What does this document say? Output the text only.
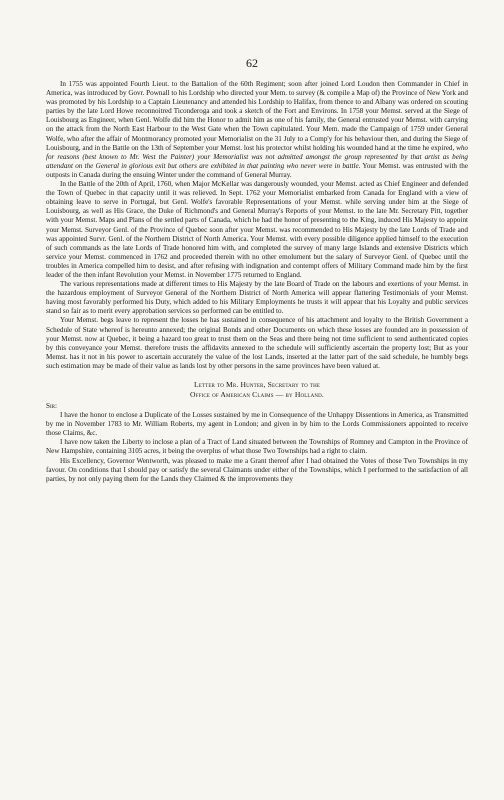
62

In 1755 was appointed Fourth Lieut. to the Battalion of the 60th Regiment; soon after joined Lord Loudon then Commander in Chief in America, was introduced by Govr. Pownall to his Lordship who directed your Mem. to survey (& compile a Map of) the Province of New York and was promoted by his Lordship to a Captain Lieutenancy and attended his Lordship to Halifax, from thence to and Albany was ordered on scouting parties by the late Lord Howe reconnoitred Ticonderoga and took a sketch of the Fort and Environs. In 1758 your Memst. served at the Siege of Louisbourg as Engineer, when Genl. Wolfe did him the Honor to admit him as one of his family, the General entrusted your Memst. with carrying on the attack from the North East Harbour to the West Gate when the Town capitulated. Your Mem. made the Campaign of 1759 under General Wolfe, who after the affair of Montmorancy promoted your Memorialist on the 31 July to a Comp'y for his behaviour then, and during the Siege of Louisbourg, and in the Battle on the 13th of September your Memst. lost his protector whilst holding his wounded hand at the time he expired, who for reasons (best known to Mr. West the Painter) your Memorialist was not admitted amongst the group represented by that artist as being attendant on the General in glorious exit but others are exhibited in that painting who never were in battle. Your Memst. was entrusted with the outposts in Canada during the ensuing Winter under the command of General Murray.

In the Battle of the 20th of April, 1760, when Major McKellar was dangerously wounded, your Memst. acted as Chief Engineer and defended the Town of Quebec in that capacity until it was relieved. In Sept. 1762 your Memorialist embarked from Canada for England with a view of obtaining leave to serve in Portugal, but Genl. Wolfe's favorable Representations of your Memst. while serving under him at the Siege of Louisbourg, as well as His Grace, the Duke of Richmond's and General Murray's Reports of your Memst. to the late Mr. Secretary Pitt, together with your Memst. Maps and Plans of the settled parts of Canada, which he had the honor of presenting to the King, induced His Majesty to appoint your Memst. Surveyor Genl. of the Province of Quebec soon after your Memst. was recommended to His Majesty by the late Lords of Trade and was appointed Survr. Genl. of the Northern District of North America. Your Memst. with every possible diligence applied himself to the execution of such commands as the late Lords of Trade honored him with, and completed the survey of many large Islands and extensive Districts which service your Memst. commenced in 1762 and proceeded therein with no other emolument but the salary of Surveyor Genl. of Quebec until the troubles in America compelled him to desist, and after refusing with indignation and contempt offers of Military Command made him by the first leader of the then infant Revolution your Memst. in November 1775 returned to England.

The various representations made at different times to His Majesty by the late Board of Trade on the labours and exertions of your Memst. in the hazardous employment of Surveyor General of the Northern District of North America will appear flattering Testimonials of your Memst. having most favorably performed his Duty, which added to his Military Employments he trusts it will appear that his Loyalty and public services stand so fair as to merit every approbation services so performed can be entitled to.

Your Memst. begs leave to represent the losses he has sustained in consequence of his attachment and loyalty to the British Government a Schedule of State whereof is hereunto annexed; the original Bonds and other Documents on which these losses are founded are in possession of your Memst. now at Quebec, it being a hazard too great to trust them on the Seas and there being not time sufficient to send authenticated copies by this conveyance your Memst. therefore trusts the affidavits annexed to the schedule will sufficiently ascertain the property lost; But as your Memst. has it not in his power to ascertain accurately the value of the lost Lands, inserted at the latter part of the said schedule, he humbly begs such estimation may be made of their value as lands lost by other persons in the same provinces have been valued at.

Letter to Mr. Hunter, Secretary to the
Office of American Claims — by Holland.

Sir:

I have the honor to enclose a Duplicate of the Losses sustained by me in Consequence of the Unhappy Dissentions in America, as Transmitted by me in November 1783 to Mr. William Roberts, my agent in London; and given in by him to the Lords Commissioners appointed to receive those Claims, &c.

I have now taken the Liberty to inclose a plan of a Tract of Land situated between the Townships of Romney and Campton in the Province of New Hampshire, containing 3105 acres, it being the overplus of what those Two Townships had a right to claim.

His Excellency, Governor Wentworth, was pleased to make me a Grant thereof after I had obtained the Votes of those Two Townships in my favour. On conditions that I should pay or satisfy the several Claimants under either of the Townships, which I performed to the satisfaction of all parties, by not only paying them for the Lands they Claimed & the improvements they
